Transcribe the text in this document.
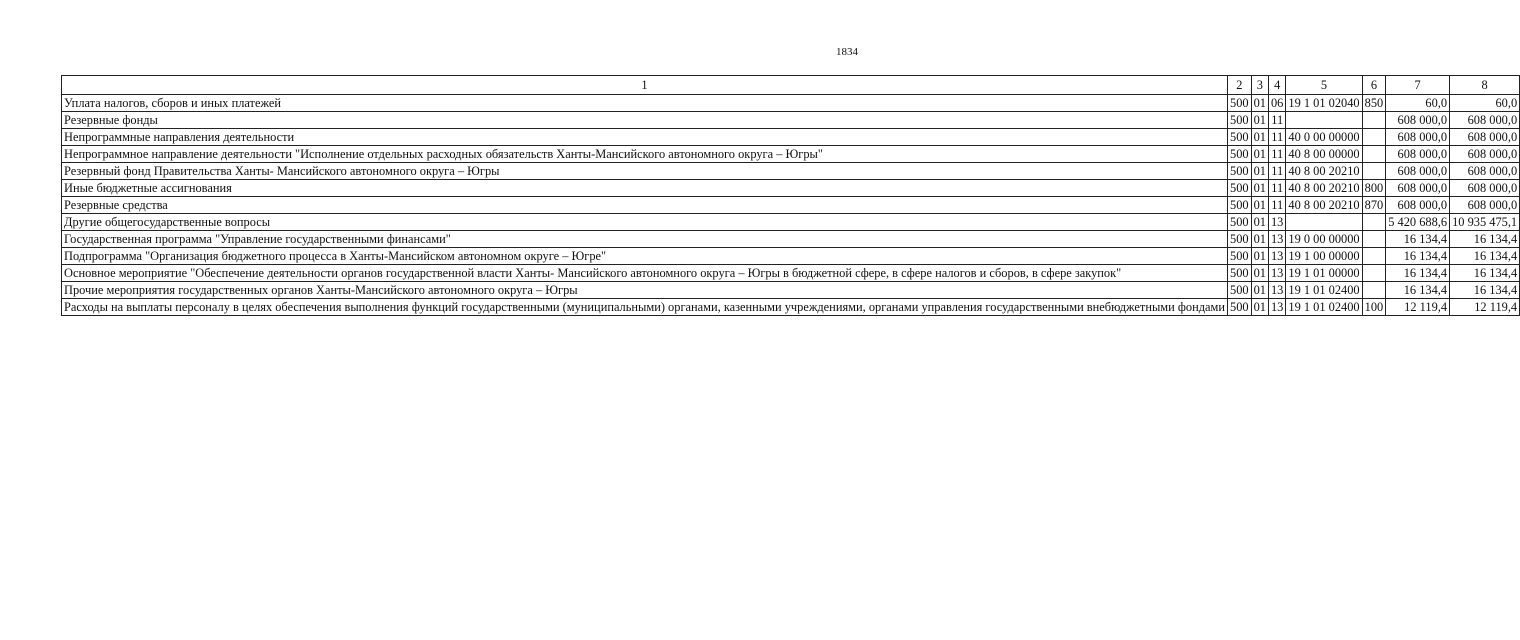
1834
1	2	3	4	5	6	7	8
Уплата налогов, сборов и иных платежей	500	01	06	19 1 01 02040	850	60,0	60,0
Резервные фонды	500	01	11			608 000,0	608 000,0
Непрограммные направления деятельности	500	01	11	40 0 00 00000		608 000,0	608 000,0
Непрограммное направление деятельности "Исполнение отдельных расходных обязательств Ханты-Мансийского автономного округа – Югры"	500	01	11	40 8 00 00000		608 000,0	608 000,0
Резервный фонд Правительства Ханты- Мансийского автономного округа – Югры	500	01	11	40 8 00 20210		608 000,0	608 000,0
Иные бюджетные ассигнования	500	01	11	40 8 00 20210	800	608 000,0	608 000,0
Резервные средства	500	01	11	40 8 00 20210	870	608 000,0	608 000,0
Другие общегосударственные вопросы	500	01	13			5 420 688,6	10 935 475,1
Государственная программа "Управление государственными финансами"	500	01	13	19 0 00 00000		16 134,4	16 134,4
Подпрограмма "Организация бюджетного процесса в Ханты-Мансийском автономном округе – Югре"	500	01	13	19 1 00 00000		16 134,4	16 134,4
Основное мероприятие "Обеспечение деятельности органов государственной власти Ханты- Мансийского автономного округа – Югры в бюджетной сфере, в сфере налогов и сборов, в сфере закупок"	500	01	13	19 1 01 00000		16 134,4	16 134,4
Прочие мероприятия государственных органов Ханты-Мансийского автономного округа – Югры	500	01	13	19 1 01 02400		16 134,4	16 134,4
Расходы на выплаты персоналу в целях обеспечения выполнения функций государственными (муниципальными) органами, казенными учреждениями, органами управления государственными внебюджетными фондами	500	01	13	19 1 01 02400	100	12 119,4	12 119,4
